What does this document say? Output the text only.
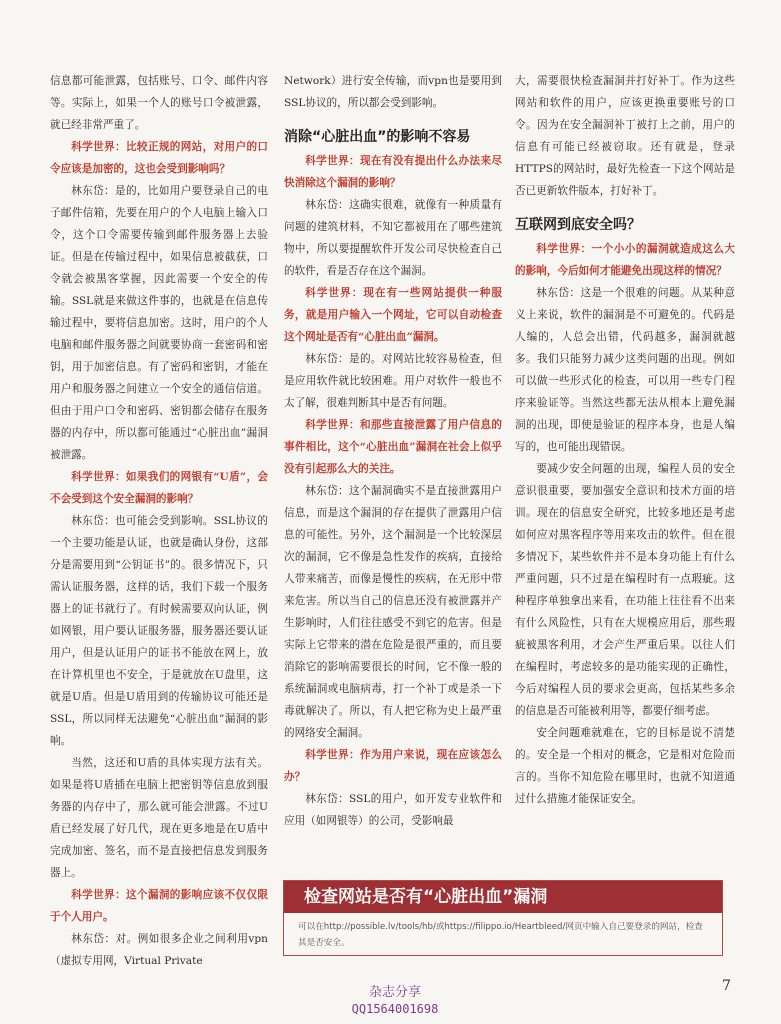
信息都可能泄露，包括账号、口令、邮件内容等。实际上，如果一个人的账号口令被泄露，就已经非常严重了。

科学世界：比较正规的网站，对用户的口令应该是加密的，这也会受到影响吗？

林东岱：是的，比如用户要登录自己的电子邮件信箱，先要在用户的个人电脑上输入口令，这个口令需要传输到邮件服务器上去验证。但是在传输过程中，如果信息被截获，口令就会被黑客掌握，因此需要一个安全的传输。SSL就是来做这件事的，也就是在信息传输过程中，要将信息加密。这时，用户的个人电脑和邮件服务器之间就要协商一套密码和密钥，用于加密信息。有了密码和密钥，才能在用户和服务器之间建立一个安全的通信信道。但由于用户口令和密码、密钥都会储存在服务器的内存中，所以都可能通过“心脏出血”漏洞被泄露。

科学世界：如果我们的网银有“U盾”，会不会受到这个安全漏洞的影响？

林东岱：也可能会受到影响。SSL协议的一个主要功能是认证，也就是确认身份，这部分是需要用到“公钥证书”的。很多情况下，只需认证服务器，这样的话，我们下载一个服务器上的证书就行了。有时候需要双向认证，例如网银，用户要认证服务器，服务器还要认证用户，但是认证用户的证书不能放在网上，放在计算机里也不安全，于是就放在U盘里，这就是U盾。但是U盾用到的传输协议可能还是SSL，所以同样无法避免“心脏出血”漏洞的影响。

当然，这还和U盾的具体实现方法有关。如果是将U盾插在电脑上把密钥等信息放到服务器的内存中了，那么就可能会泄露。不过U盾已经发展了好几代，现在更多地是在U盾中完成加密、签名，而不是直接把信息发到服务器上。

科学世界：这个漏洞的影响应该不仅仅限于个人用户。

林东岱：对。例如很多企业之间利用vpn（虚拟专用网，Virtual Private

Network）进行安全传输，而vpn也是要用到SSL协议的，所以都会受到影响。

消除“心脏出血”的影响不容易

科学世界：现在有没有提出什么办法来尽快消除这个漏洞的影响？

林东岱：这确实很难，就像有一种质量有问题的建筑材料，不知它都被用在了哪些建筑物中，所以要提醒软件开发公司尽快检查自己的软件，看是否存在这个漏洞。

科学世界：现在有一些网站提供一种服务，就是用户输入一个网址，它可以自动检查这个网址是否有“心脏出血”漏洞。

林东岱：是的。对网站比较容易检查，但是应用软件就比较困难。用户对软件一般也不太了解，很难判断其中是否有问题。

科学世界：和那些直接泄露了用户信息的事件相比，这个“心脏出血”漏洞在社会上似乎没有引起那么大的关注。

林东岱：这个漏洞确实不是直接泄露用户信息，而是这个漏洞的存在提供了泄露用户信息的可能性。另外，这个漏洞是一个比较深层次的漏洞，它不像是急性发作的疾病，直接给人带来痛苦，而像是慢性的疾病，在无形中带来危害。所以当自己的信息还没有被泄露并产生影响时，人们往往感受不到它的危害。但是实际上它带来的潜在危险是很严重的，而且要消除它的影响需要很长的时间，它不像一般的系统漏洞或电脑病毒，打一个补丁或是杀一下毒就解决了。所以，有人把它称为史上最严重的网络安全漏洞。

科学世界：作为用户来说，现在应该怎么办？

林东岱：SSL的用户，如开发专业软件和应用（如网银等）的公司，受影响最

大，需要很快检查漏洞并打好补丁。作为这些网站和软件的用户，应该更换重要账号的口令。因为在安全漏洞补丁被打上之前，用户的信息有可能已经被窃取。还有就是，登录HTTPS的网站时，最好先检查一下这个网站是否已更新软件版本，打好补丁。

互联网到底安全吗？

科学世界：一个小小的漏洞就造成这么大的影响，今后如何才能避免出现这样的情况？

林东岱：这是一个很难的问题。从某种意义上来说，软件的漏洞是不可避免的。代码是人编的，人总会出错，代码越多，漏洞就越多。我们只能努力减少这类问题的出现。例如可以做一些形式化的检查，可以用一些专门程序来验证等。当然这些都无法从根本上避免漏洞的出现，即使是验证的程序本身，也是人编写的，也可能出现错误。

要减少安全问题的出现，编程人员的安全意识很重要，要加强安全意识和技术方面的培训。现在的信息安全研究，比较多地还是考虑如何应对黑客程序等用来攻击的软件。但在很多情况下，某些软件并不是本身功能上有什么严重问题，只不过是在编程时有一点瑕疵。这种程序单独拿出来看，在功能上往往看不出来有什么风险性，只有在大规模应用后，那些瑕疵被黑客利用，才会产生严重后果。以往人们在编程时，考虑较多的是功能实现的正确性，今后对编程人员的要求会更高，包括某些多余的信息是否可能被利用等，都要仔细考虑。

安全问题难就难在，它的目标是说不清楚的。安全是一个相对的概念，它是相对危险而言的。当你不知危险在哪里时，也就不知道通过什么措施才能保证安全。

检查网站是否有“心脏出血”漏洞
可以在http://possible.lv/tools/hb/或https://filippo.io/Heartbleed/网页中输入自己要登录的网站，检查其是否安全。
7
杂志分享
QQ1564001698
